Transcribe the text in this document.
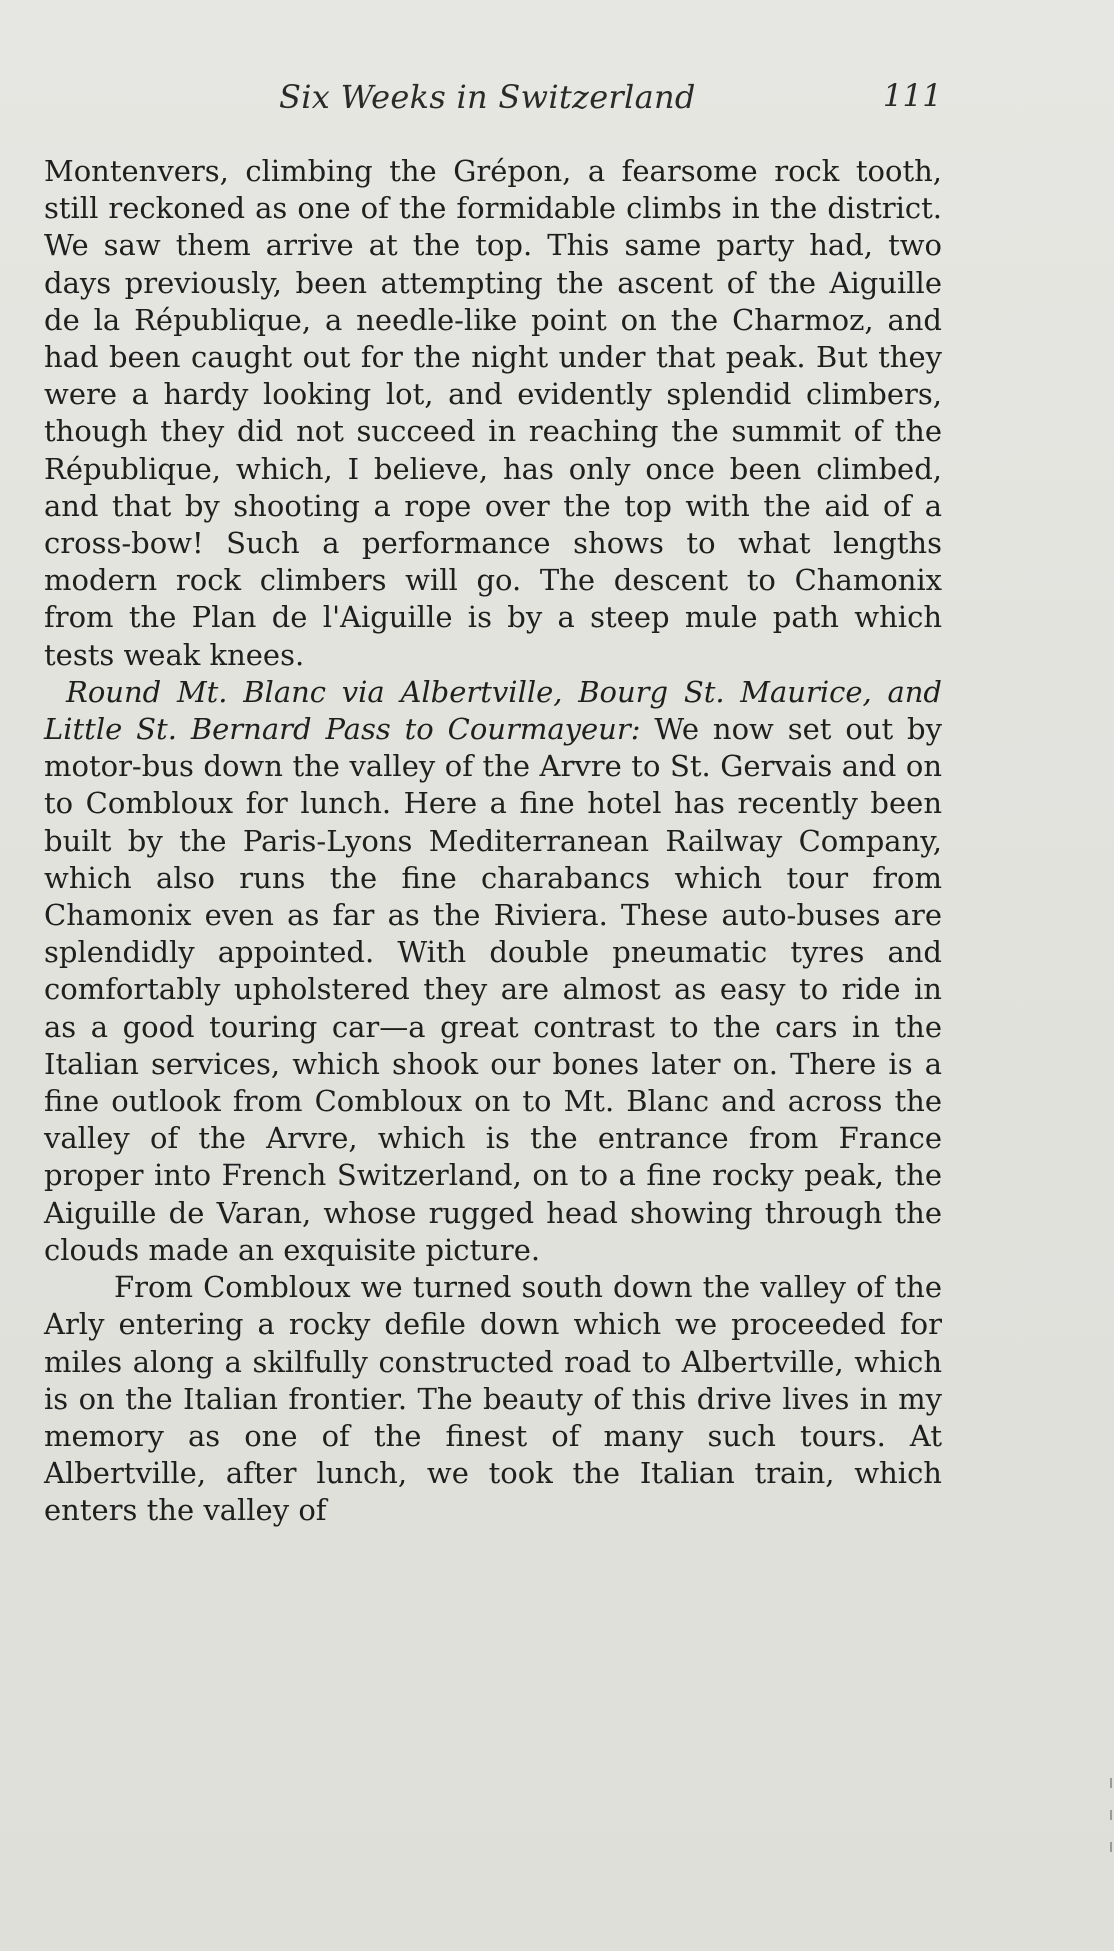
Six Weeks in Switzerland	111

Montenvers, climbing the Grépon, a fearsome rock tooth, still reckoned as one of the formidable climbs in the district. We saw them arrive at the top. This same party had, two days previously, been attempting the ascent of the Aiguille de la République, a needle-like point on the Charmoz, and had been caught out for the night under that peak. But they were a hardy looking lot, and evidently splendid climbers, though they did not succeed in reaching the summit of the République, which, I believe, has only once been climbed, and that by shooting a rope over the top with the aid of a cross-bow! Such a performance shows to what lengths modern rock climbers will go. The descent to Chamonix from the Plan de l'Aiguille is by a steep mule path which tests weak knees.

Round Mt. Blanc via Albertville, Bourg St. Maurice, and Little St. Bernard Pass to Courmayeur: We now set out by motor-bus down the valley of the Arvre to St. Gervais and on to Combloux for lunch. Here a fine hotel has recently been built by the Paris-Lyons Mediterranean Railway Company, which also runs the fine charabancs which tour from Chamonix even as far as the Riviera. These auto-buses are splendidly appointed. With double pneumatic tyres and comfortably upholstered they are almost as easy to ride in as a good touring car—a great contrast to the cars in the Italian services, which shook our bones later on. There is a fine outlook from Combloux on to Mt. Blanc and across the valley of the Arvre, which is the entrance from France proper into French Switzerland, on to a fine rocky peak, the Aiguille de Varan, whose rugged head showing through the clouds made an exquisite picture.

From Combloux we turned south down the valley of the Arly entering a rocky defile down which we proceeded for miles along a skilfully constructed road to Albertville, which is on the Italian frontier. The beauty of this drive lives in my memory as one of the finest of many such tours. At Albertville, after lunch, we took the Italian train, which enters the valley of
